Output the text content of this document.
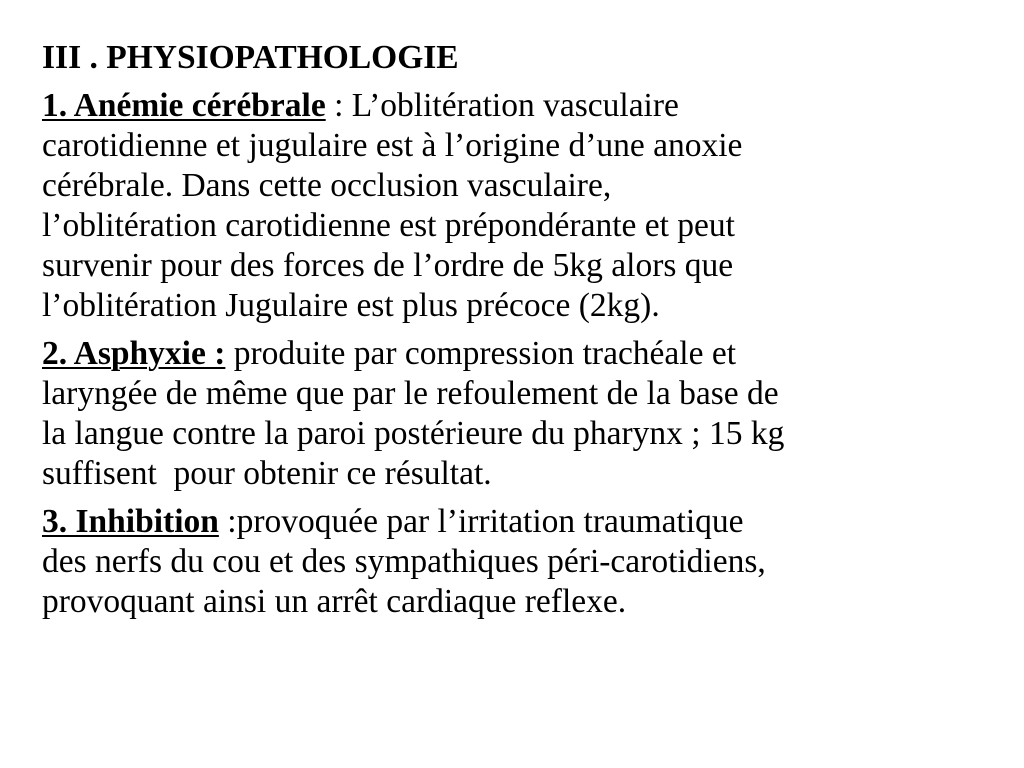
III . PHYSIOPATHOLOGIE
1. Anémie cérébrale : L’oblitération vasculaire
carotidienne et jugulaire est à l’origine d’une anoxie
cérébrale. Dans cette occlusion vasculaire,
l’oblitération carotidienne est prépondérante et peut
survenir pour des forces de l’ordre de 5kg alors que
l’oblitération Jugulaire est plus précoce (2kg).
2. Asphyxie : produite par compression trachéale et
laryngée de même que par le refoulement de la base de
la langue contre la paroi postérieure du pharynx ; 15 kg
suffisent  pour obtenir ce résultat.
3. Inhibition :provoquée par l’irritation traumatique
des nerfs du cou et des sympathiques péri-carotidiens,
provoquant ainsi un arrêt cardiaque reflexe.
